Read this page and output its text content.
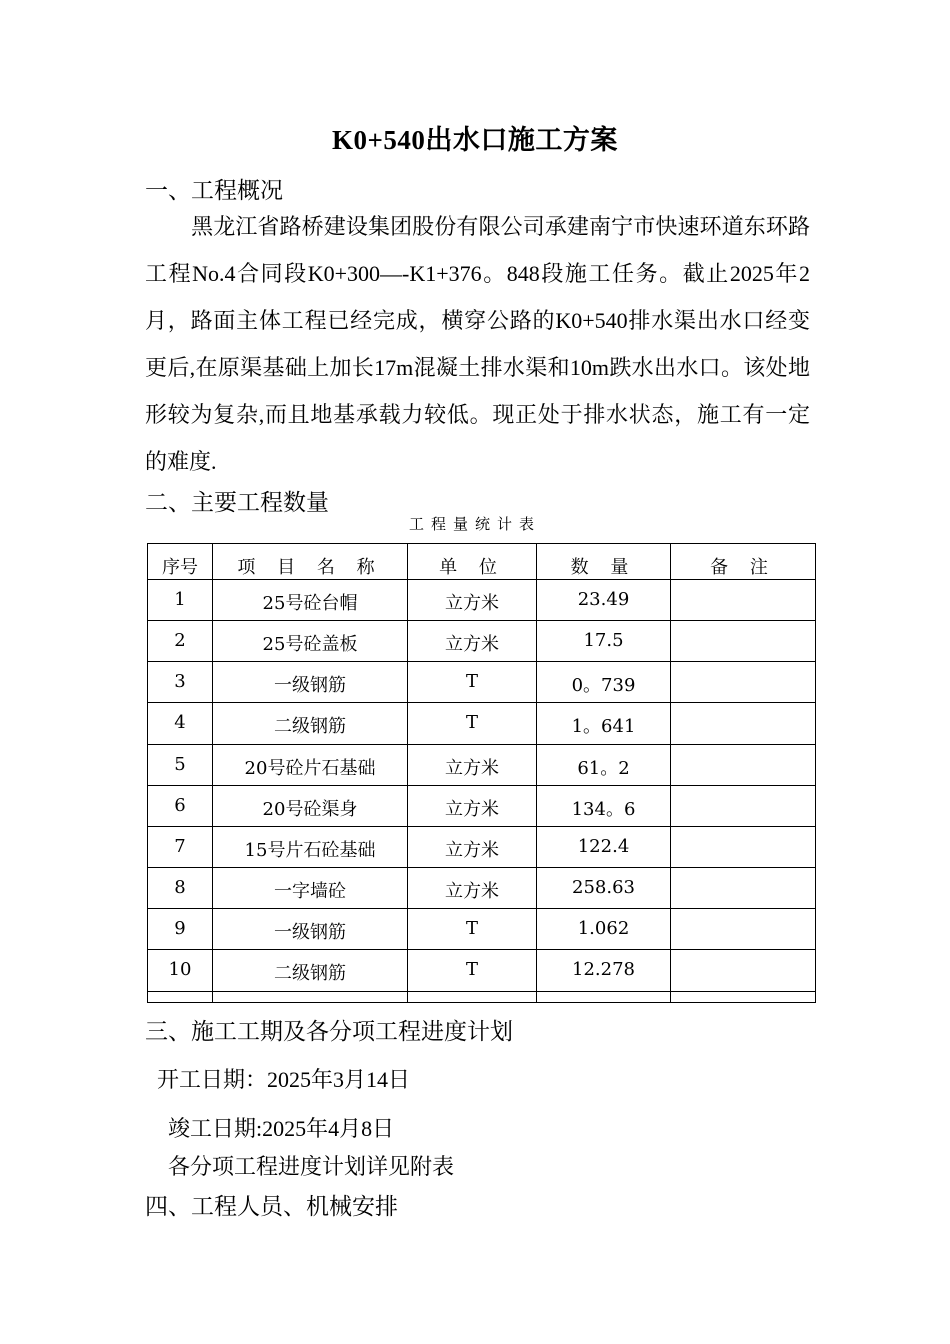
K0+540出水口施工方案
一、工程概况
黑龙江省路桥建设集团股份有限公司承建南宁市快速环道东环路工程No.4合同段K0+300—-K1+376。848段施工任务。截止2025年2月，路面主体工程已经完成，横穿公路的K0+540排水渠出水口经变更后,在原渠基础上加长17m混凝土排水渠和10m跌水出水口。该处地形较为复杂,而且地基承载力较低。现正处于排水状态，施工有一定的难度.
二、主要工程数量
工程量统计表
序号	项 目 名 称	单 位	数 量	备 注
1	25号砼台帽	立方米	23.49	
2	25号砼盖板	立方米	17.5	
3	一级钢筋	T	0。739	
4	二级钢筋	T	1。641	
5	20号砼片石基础	立方米	61。2	
6	20号砼渠身	立方米	134。6	
7	15号片石砼基础	立方米	122.4	
8	一字墙砼	立方米	258.63	
9	一级钢筋	T	1.062	
10	二级钢筋	T	12.278	

三、施工工期及各分项工程进度计划
开工日期：2025年3月14日
竣工日期:2025年4月8日
各分项工程进度计划详见附表
四、工程人员、机械安排
